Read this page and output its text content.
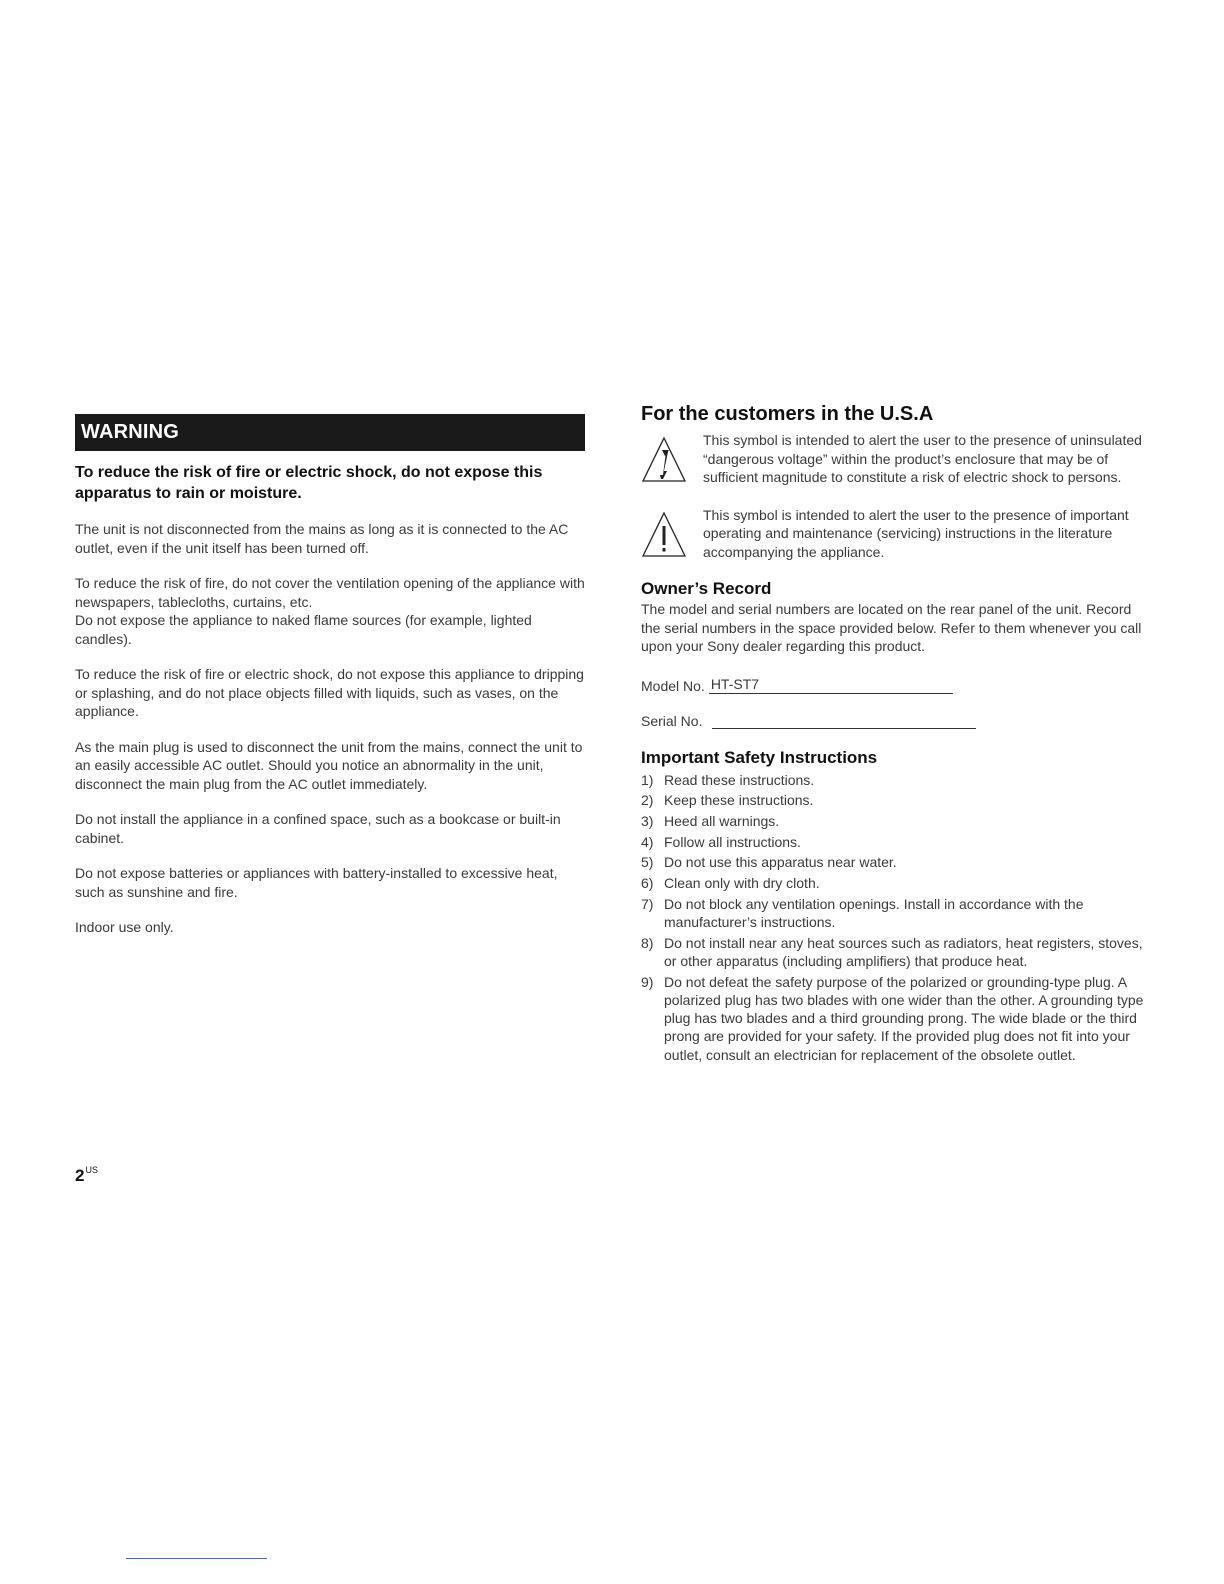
WARNING

To reduce the risk of fire or electric shock, do not expose this apparatus to rain or moisture.

The unit is not disconnected from the mains as long as it is connected to the AC outlet, even if the unit itself has been turned off.

To reduce the risk of fire, do not cover the ventilation opening of the appliance with newspapers, tablecloths, curtains, etc.

Do not expose the appliance to naked flame sources (for example, lighted candles).

To reduce the risk of fire or electric shock, do not expose this appliance to dripping or splashing, and do not place objects filled with liquids, such as vases, on the appliance.

As the main plug is used to disconnect the unit from the mains, connect the unit to an easily accessible AC outlet. Should you notice an abnormality in the unit, disconnect the main plug from the AC outlet immediately.

Do not install the appliance in a confined space, such as a bookcase or built-in cabinet.

Do not expose batteries or appliances with battery-installed to excessive heat, such as sunshine and fire.

Indoor use only.

For the customers in the U.S.A

This symbol is intended to alert the user to the presence of uninsulated “dangerous voltage” within the product’s enclosure that may be of sufficient magnitude to constitute a risk of electric shock to persons.

This symbol is intended to alert the user to the presence of important operating and maintenance (servicing) instructions in the literature accompanying the appliance.

Owner’s Record

The model and serial numbers are located on the rear panel of the unit. Record the serial numbers in the space provided below. Refer to them whenever you call upon your Sony dealer regarding this product.

Model No. HT-ST7
Serial No.
Important Safety Instructions
1) Read these instructions.
2) Keep these instructions.
3) Heed all warnings.
4) Follow all instructions.
5) Do not use this apparatus near water.
6) Clean only with dry cloth.
7) Do not block any ventilation openings. Install in accordance with the manufacturer’s instructions.
8) Do not install near any heat sources such as radiators, heat registers, stoves, or other apparatus (including amplifiers) that produce heat.
9) Do not defeat the safety purpose of the polarized or grounding-type plug. A polarized plug has two blades with one wider than the other. A grounding type plug has two blades and a third grounding prong. The wide blade or the third prong are provided for your safety. If the provided plug does not fit into your outlet, consult an electrician for replacement of the obsolete outlet.
$2^{US}$
